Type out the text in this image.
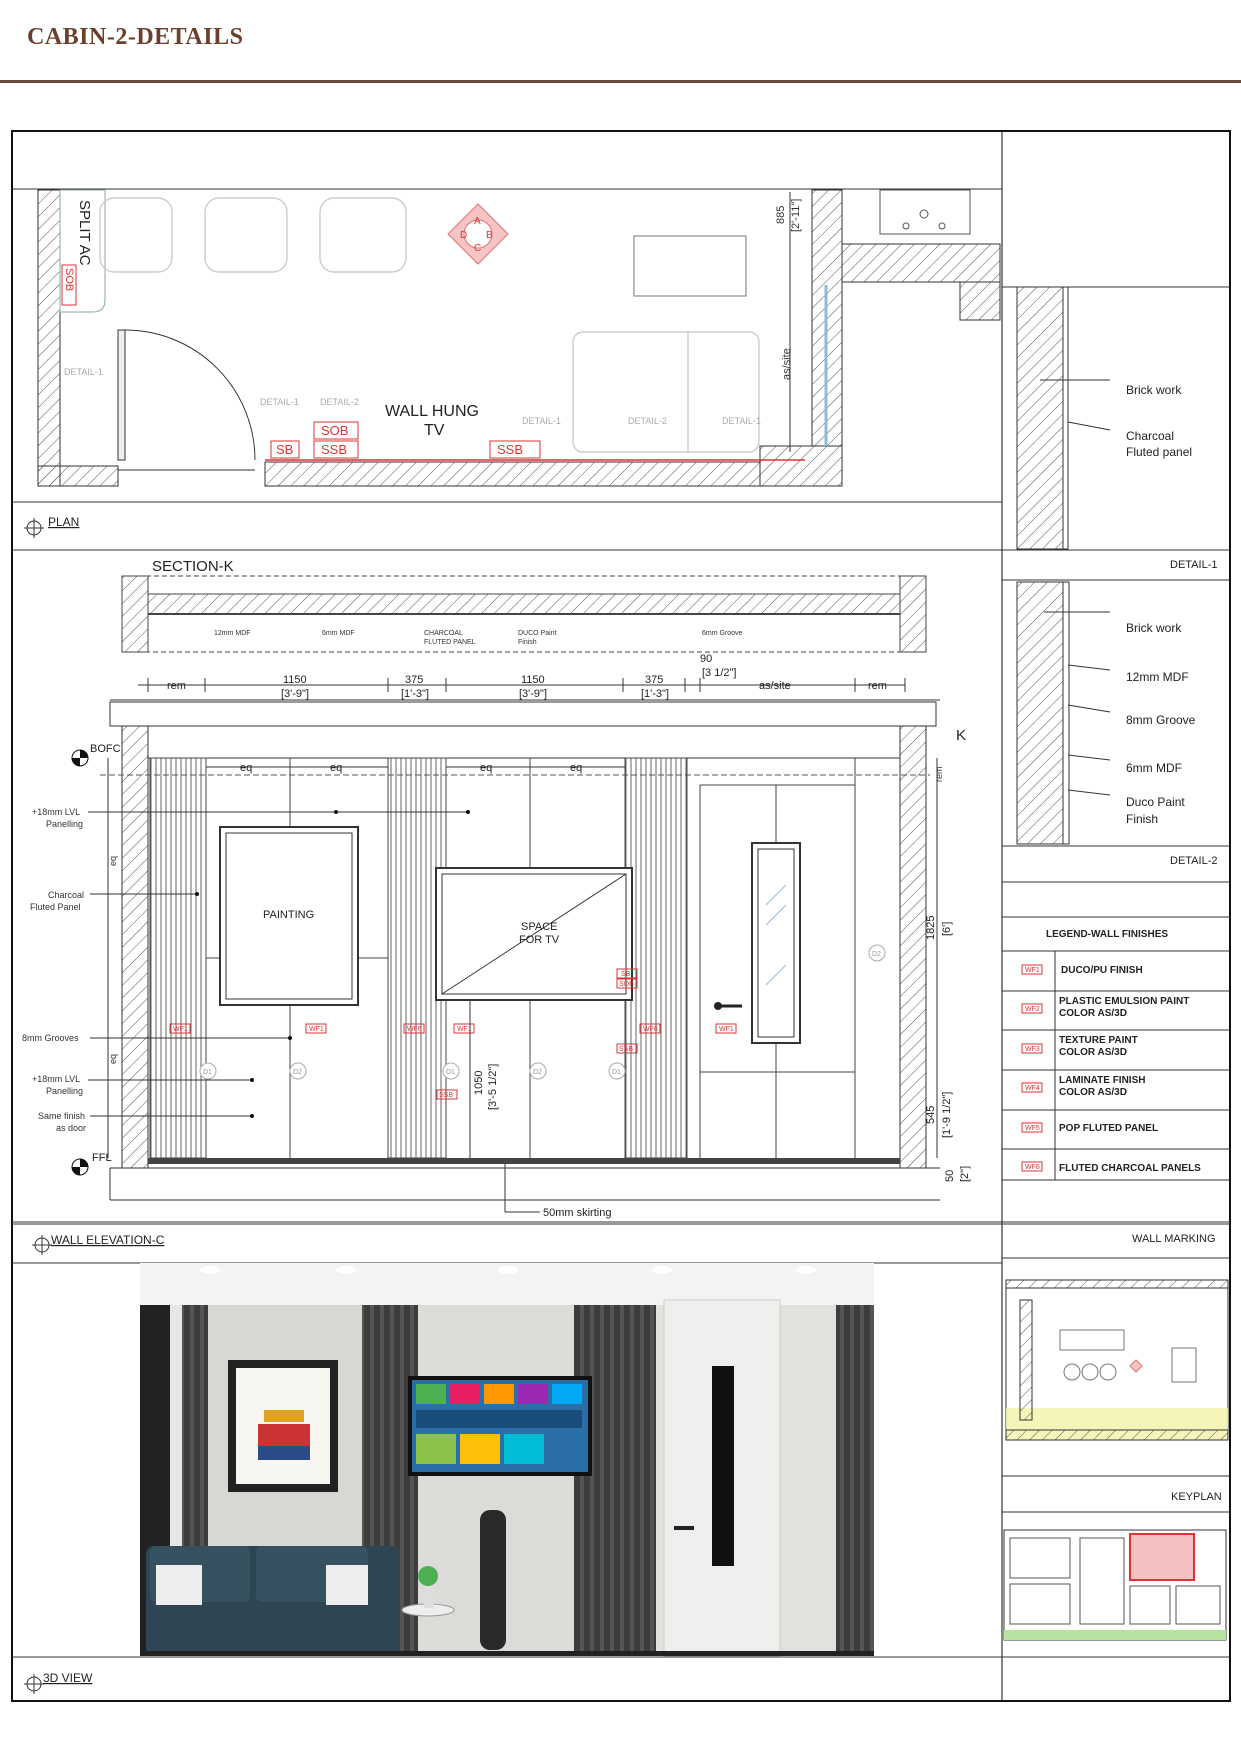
CABIN-2-DETAILS
SPLIT AC
SOB
A
B
C
D
885 [2'-11"]
as/site
DETAIL-1
DETAIL-1 DETAIL-2
DETAIL-1	DETAIL-2	DETAIL-1
WALL HUNG
TV
SOB
SB SSB	SSB
PLAN
SECTION-K
12mm MDF	6mm MDF	CHARCOAL
FLUTED PANEL
DUCO Paint
Finish
6mm Groove
rem	1150
[3'-9"]
375
[1'-3"]
1150
[3'-9"]
375
[1'-3"]
90
[3 1/2"]
as/site	rem
eq	eq	eq	eq
BOFC
FFL
K
rem
PAINTING
SPACE
FOR TV
+18mm LVL
Panelling
Charcoal
Fluted Panel
8mm Grooves
+18mm LVL
Panelling
Same finish
as door
eq
eq
WF1	WF1	WF6	WF1	WF6	WF1
SB
SOB
SSB
SSB
D1	D2	D1	D2	D1
D2
1050 [3'-5 1/2"]
1825 [6']
545 [1'-9 1/2"]
50 [2"]
50mm skirting
WALL ELEVATION-C
3D VIEW
Brick work
Charcoal
Fluted panel
DETAIL-1
Brick work
12mm MDF
8mm Groove
6mm MDF
Duco Paint
Finish
DETAIL-2
LEGEND-WALL FINISHES
WF1 DUCO/PU FINISH
WF2
PLASTIC EMULSION PAINT
COLOR AS/3D
WF3
TEXTURE PAINT
COLOR AS/3D
WF4
LAMINATE FINISH
COLOR AS/3D
WF5 POP FLUTED PANEL
WF6 FLUTED CHARCOAL PANELS
WALL MARKING
KEYPLAN
